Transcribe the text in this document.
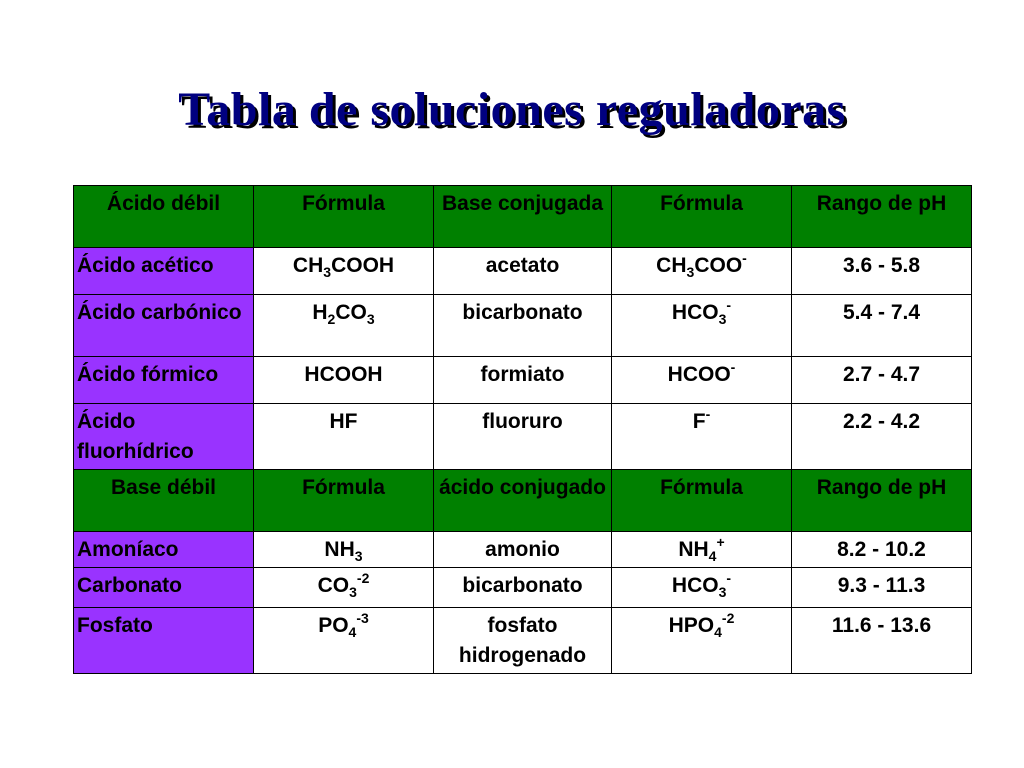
Tabla de soluciones reguladoras
Ácido débil	Fórmula	Base conjugada	Fórmula	Rango de pH
Ácido acético	$CH_3COOH$	acetato	$CH_3COO^-$	3.6 - 5.8
Ácido carbónico	$H_2CO_3$	bicarbonato	$HCO_3^-$	5.4 - 7.4
Ácido fórmico	HCOOH	formiato	HCOO-	2.7 - 4.7
Ácido fluorhídrico	HF	fluoruro	F-	2.2 - 4.2
Base débil	Fórmula	ácido conjugado	Fórmula	Rango de pH
Amoníaco	$NH_3$	amonio	$NH_4^+$	8.2 - 10.2
Carbonato	$CO_3^{-2}$	bicarbonato	$HCO_3^-$	9.3 - 11.3
Fosfato	$PO_4^{-3}$	fosfato hidrogenado	$HPO_4^{-2}$	11.6 - 13.6
